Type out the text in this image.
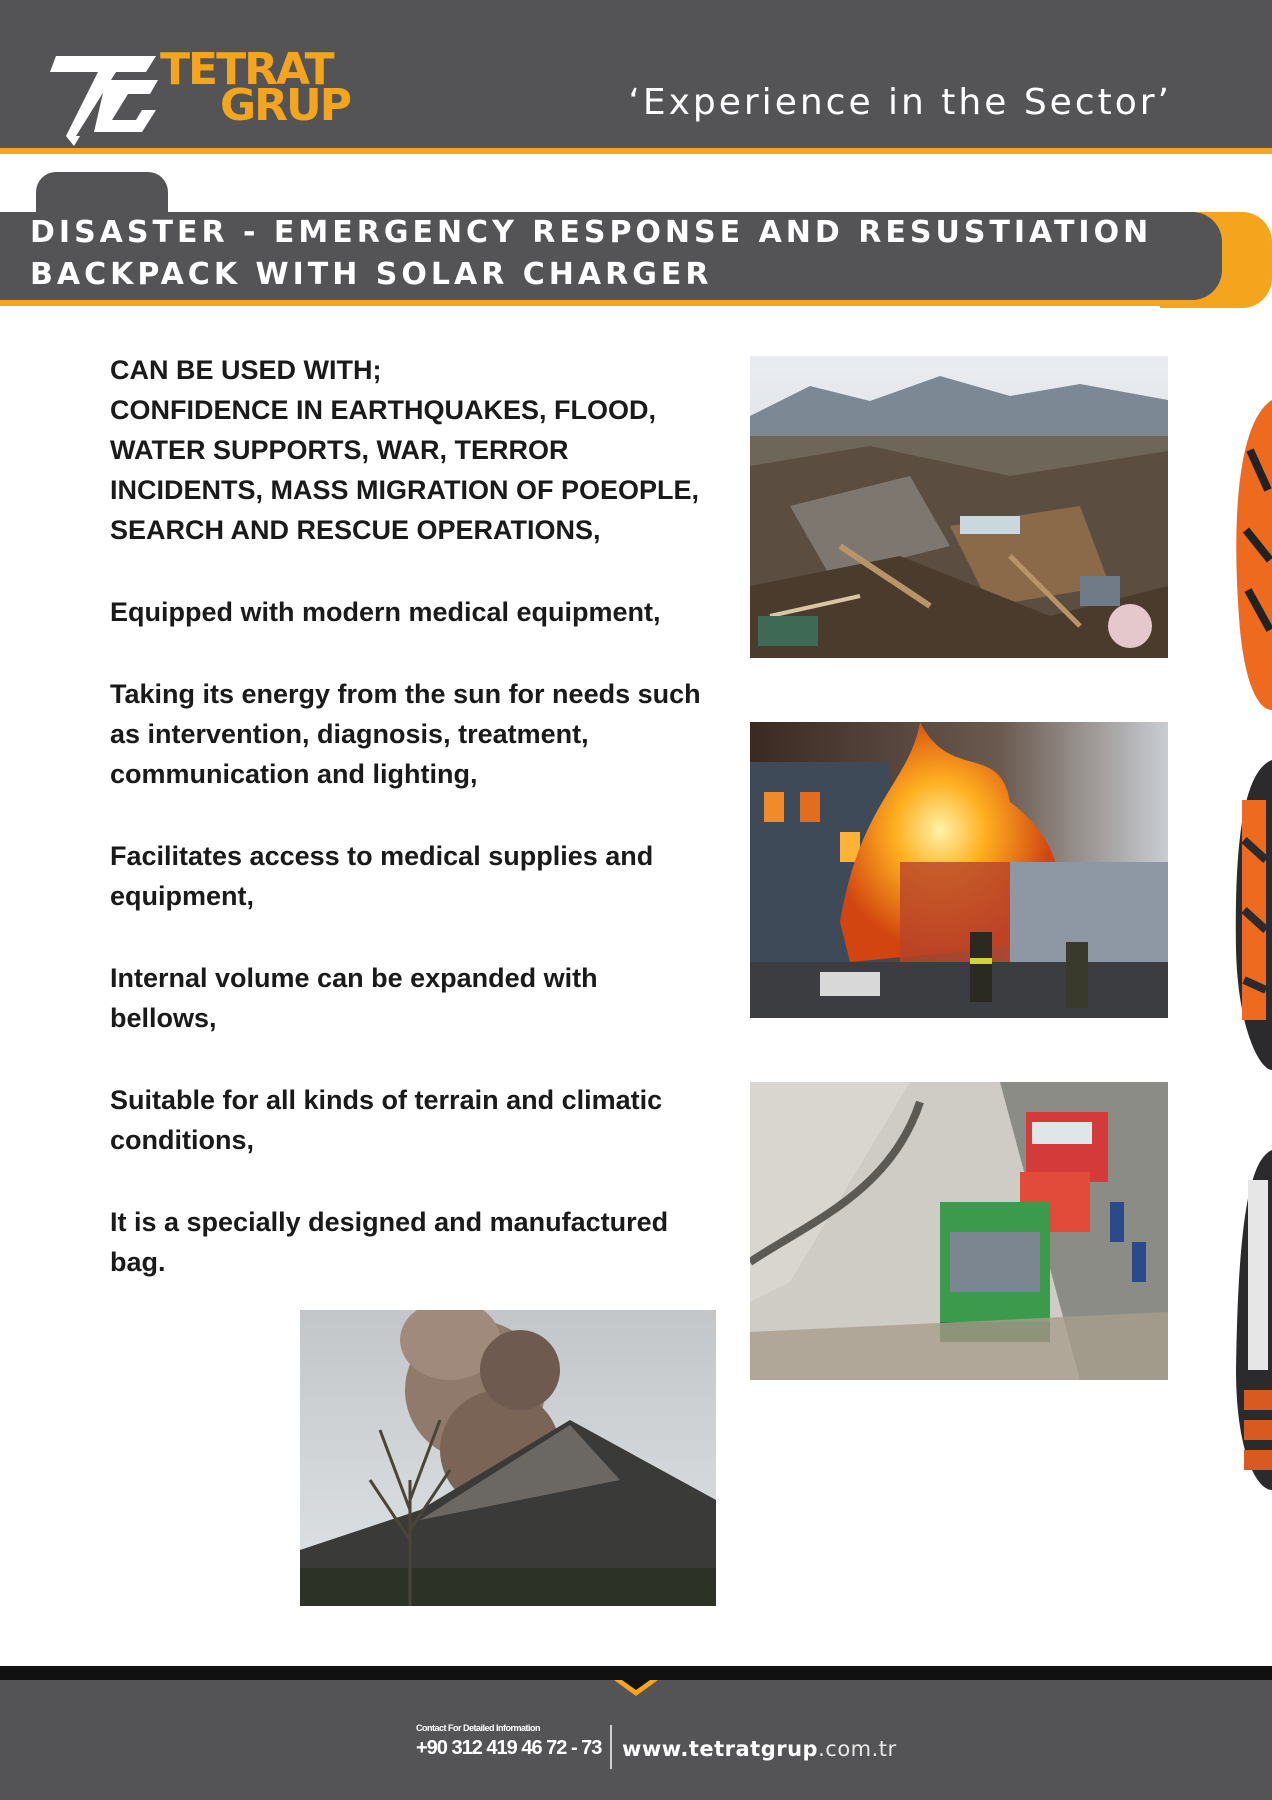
TETRAT
GRUP	‘Experience in the Sector’
DISASTER - EMERGENCY RESPONSE AND RESUSTIATION
BACKPACK WITH SOLAR CHARGER

CAN BE USED WITH;
CONFIDENCE IN EARTHQUAKES, FLOOD,
WATER SUPPORTS, WAR, TERROR
INCIDENTS, MASS MIGRATION OF POEOPLE,
SEARCH AND RESCUE OPERATIONS,

Equipped with modern medical equipment,

Taking its energy from the sun for needs such as intervention, diagnosis, treatment, communication and lighting,

Facilitates access to medical supplies and equipment,

Internal volume can be expanded with bellows,

Suitable for all kinds of terrain and climatic conditions,

It is a specially designed and manufactured bag.

Contact For Detailed Information
+90 312 419 46 72 - 73 www.tetratgrup.com.tr
